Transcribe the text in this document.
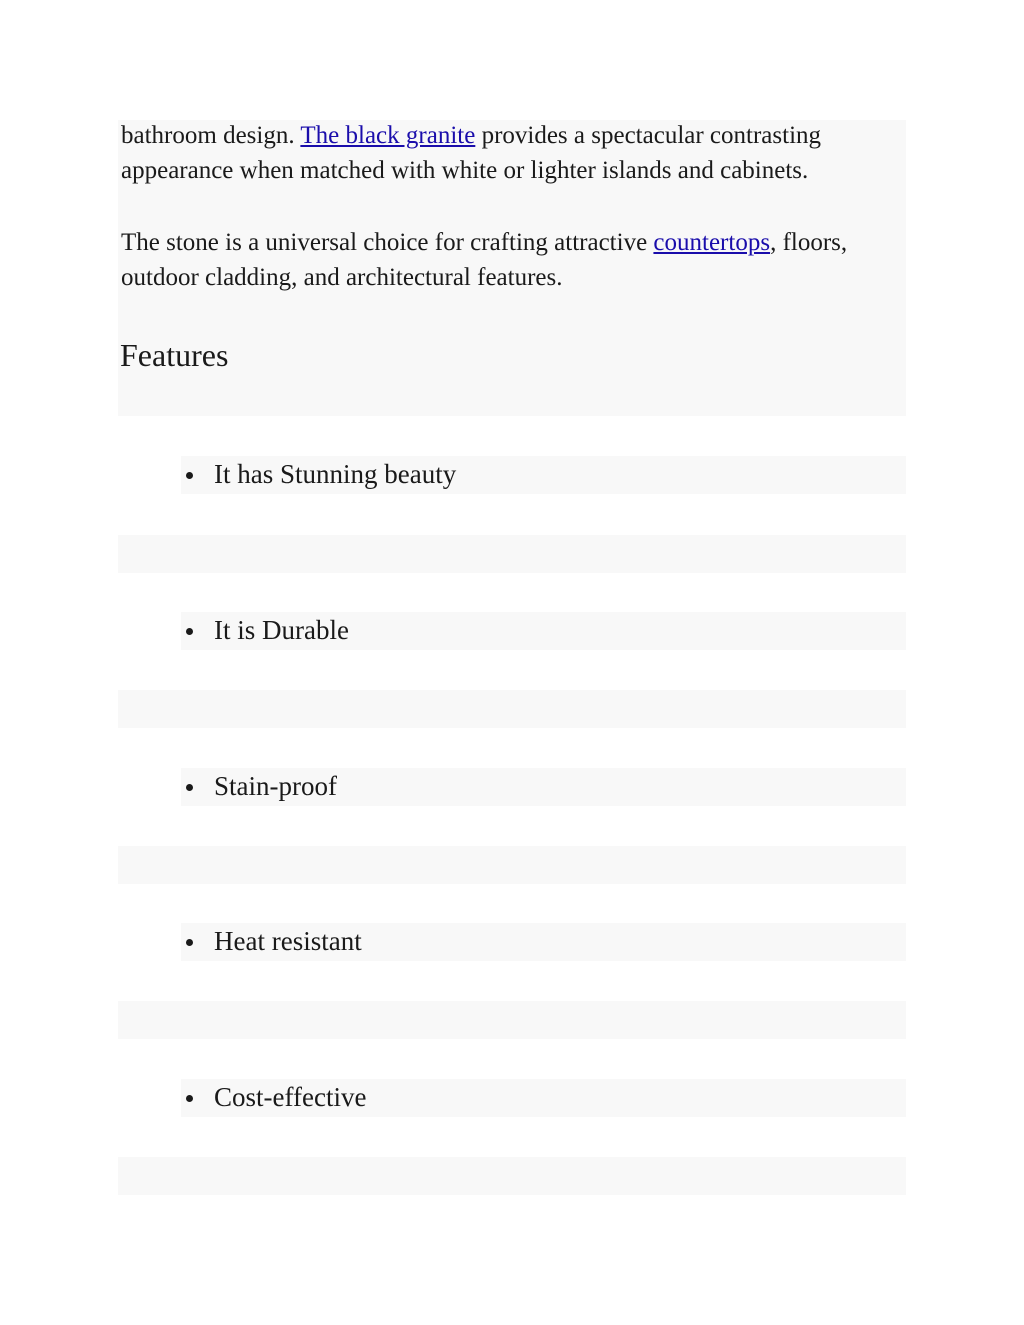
bathroom design. The black granite provides a spectacular contrasting appearance when matched with white or lighter islands and cabinets.

The stone is a universal choice for crafting attractive countertops, floors, outdoor cladding, and architectural features.

Features
It has Stunning beauty
It is Durable
Stain-proof
Heat resistant
Cost-effective
